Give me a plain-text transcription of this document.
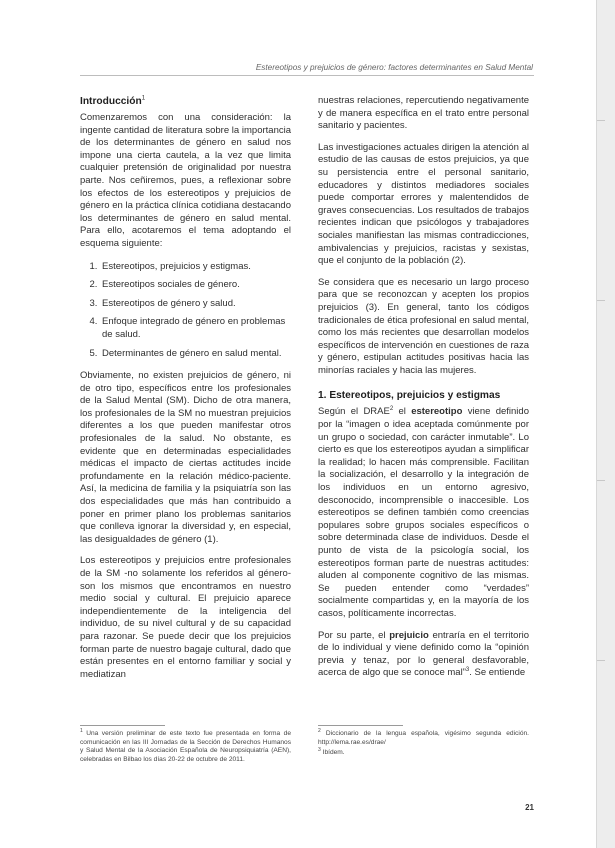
Estereotipos y prejuicios de género: factores determinantes en Salud Mental
Introducción$^1$

Comenzaremos con una consideración: la ingente cantidad de literatura sobre la importancia de los determinantes de género en salud nos impone una cierta cautela, a la vez que limita cualquier pretensión de originalidad por nuestra parte. Nos ceñiremos, pues, a reflexionar sobre los efectos de los estereotipos y prejuicios de género en la práctica clínica cotidiana destacando los determinantes de género en salud mental. Para ello, acotaremos el tema adoptando el esquema siguiente:

1. Estereotipos, prejuicios y estigmas.
2. Estereotipos sociales de género.
3. Estereotipos de género y salud.
4. Enfoque integrado de género en problemas de salud.
5. Determinantes de género en salud mental.

Obviamente, no existen prejuicios de género, ni de otro tipo, específicos entre los profesionales de la Salud Mental (SM). Dicho de otra manera, los profesionales de la SM no muestran prejuicios diferentes a los que pueden manifestar otros profesionales de la salud. No obstante, es evidente que en determinadas especialidades médicas el impacto de ciertas actitudes incide profundamente en la relación médico-paciente. Así, la medicina de familia y la psiquiatría son las dos especialidades que más han contribuido a poner en primer plano los problemas sanitarios que conlleva ignorar la diversidad y, en especial, las desigualdades de género (1).

Los estereotipos y prejuicios entre profesionales de la SM -no solamente los referidos al género- son los mismos que encontramos en nuestro medio social y cultural. El prejuicio aparece independientemente de la inteligencia del individuo, de su nivel cultural y de su capacidad para razonar. Se puede decir que los prejuicios forman parte de nuestro bagaje cultural, dado que están presentes en el entorno familiar y social y mediatizan

nuestras relaciones, repercutiendo negativamente y de manera específica en el trato entre personal sanitario y pacientes.

Las investigaciones actuales dirigen la atención al estudio de las causas de estos prejuicios, ya que su persistencia entre el personal sanitario, educadores y distintos mediadores sociales puede comportar errores y malentendidos de graves consecuencias. Los resultados de trabajos recientes indican que psicólogos y trabajadores sociales manifiestan las mismas contradicciones, ambivalencias y prejuicios, racistas y sexistas, que el conjunto de la población (2).

Se considera que es necesario un largo proceso para que se reconozcan y acepten los propios prejuicios (3). En general, tanto los códigos tradicionales de ética profesional en salud mental, como los más recientes que desarrollan modelos específicos de intervención en cuestiones de raza y género, estipulan actitudes positivas hacia las minorías raciales y hacia las mujeres.

1. Estereotipos, prejuicios y estigmas

Según el DRAE$^2$ el estereotipo viene definido por la “imagen o idea aceptada comúnmente por un grupo o sociedad, con carácter inmutable”. Lo cierto es que los estereotipos ayudan a simplificar la realidad; lo hacen más comprensible. Facilitan la socialización, el desarrollo y la integración de los individuos en un entorno agresivo, desconocido, incomprensible o inaccesible. Los estereotipos se definen también como creencias populares sobre grupos sociales específicos o sobre determinada clase de individuos. Desde el punto de vista de la psicología social, los estereotipos forman parte de nuestras actitudes: aluden al componente cognitivo de las mismas. Se pueden entender como “verdades” socialmente compartidas y, en la mayoría de los casos, políticamente incorrectas.

Por su parte, el prejuicio entraría en el territorio de lo individual y viene definido como la “opinión previa y tenaz, por lo general desfavorable, acerca de algo que se conoce mal”$^3$. Se entiende

$^1$ Una versión preliminar de este texto fue presentada en forma de comunicación en las III Jornadas de la Sección de Derechos Humanos y Salud Mental de la Asociación Española de Neuropsiquiatría (AEN), celebradas en Bilbao los días 20-22 de octubre de 2011.
$^2$ Diccionario de la lengua española, vigésimo segunda edición. http://lema.rae.es/drae/
$^3$ Ibídem.
21
